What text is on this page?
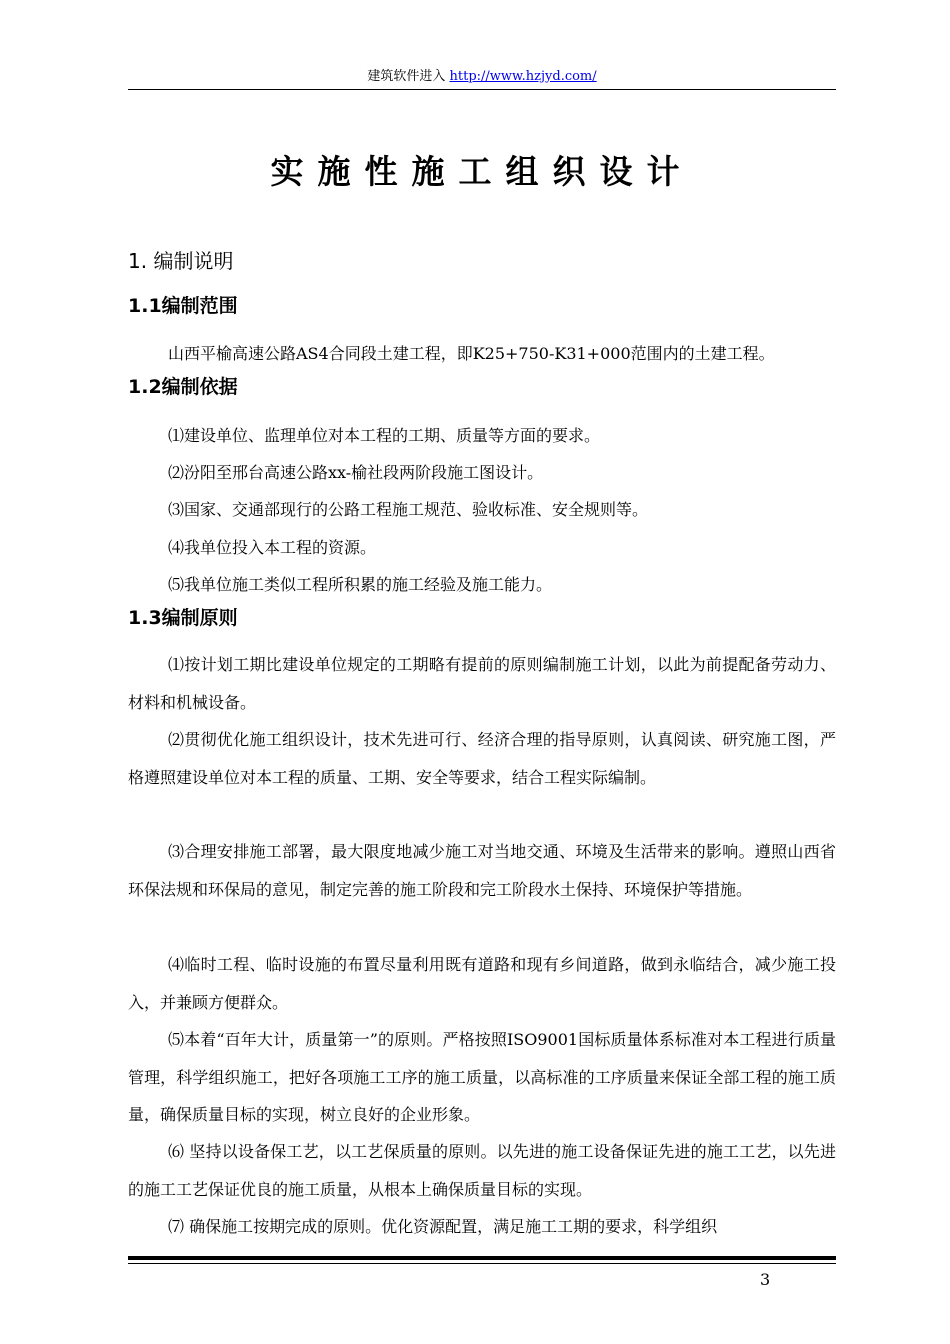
建筑软件进入 http://www.hzjyd.com/
实施性施工组织设计
1. 编制说明
1.1编制范围
山西平榆高速公路AS4合同段土建工程，即K25+750-K31+000范围内的土建工程。
1.2编制依据
⑴建设单位、监理单位对本工程的工期、质量等方面的要求。
⑵汾阳至邢台高速公路xx-榆社段两阶段施工图设计。
⑶国家、交通部现行的公路工程施工规范、验收标准、安全规则等。
⑷我单位投入本工程的资源。
⑸我单位施工类似工程所积累的施工经验及施工能力。
1.3编制原则

⑴按计划工期比建设单位规定的工期略有提前的原则编制施工计划，以此为前提配备劳动力、材料和机械设备。

⑵贯彻优化施工组织设计，技术先进可行、经济合理的指导原则，认真阅读、研究施工图，严格遵照建设单位对本工程的质量、工期、安全等要求，结合工程实际编制。

⑶合理安排施工部署，最大限度地减少施工对当地交通、环境及生活带来的影响。遵照山西省环保法规和环保局的意见，制定完善的施工阶段和完工阶段水土保持、环境保护等措施。

⑷临时工程、临时设施的布置尽量利用既有道路和现有乡间道路，做到永临结合，减少施工投入，并兼顾方便群众。

⑸本着“百年大计，质量第一”的原则。严格按照ISO9001国标质量体系标准对本工程进行质量管理，科学组织施工，把好各项施工工序的施工质量，以高标准的工序质量来保证全部工程的施工质量，确保质量目标的实现，树立良好的企业形象。

⑹ 坚持以设备保工艺，以工艺保质量的原则。以先进的施工设备保证先进的施工工艺，以先进的施工工艺保证优良的施工质量，从根本上确保质量目标的实现。

⑺ 确保施工按期完成的原则。优化资源配置，满足施工工期的要求，科学组织

3
